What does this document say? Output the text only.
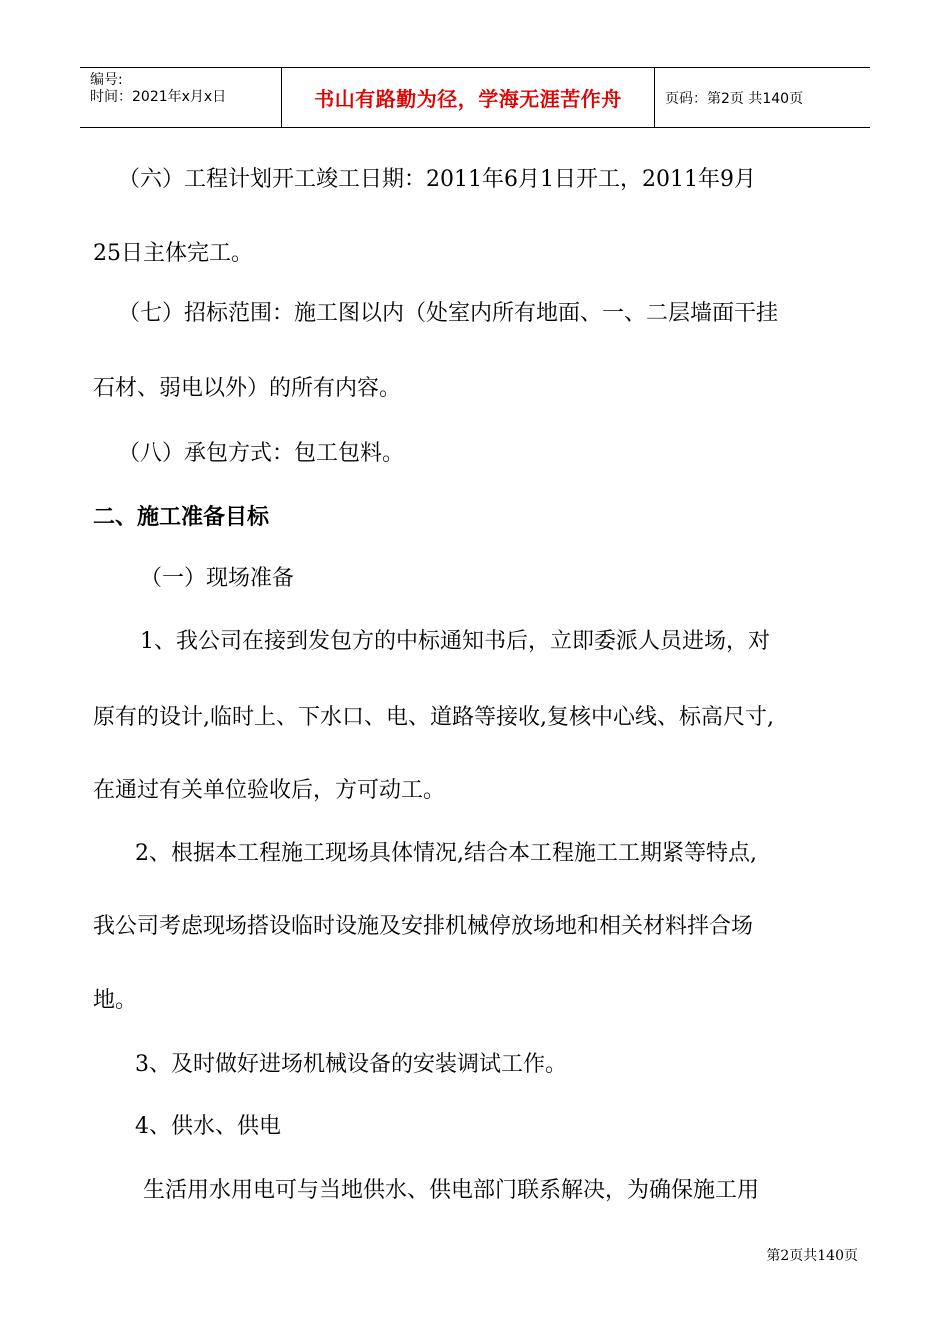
编号:
时间：2021年x月x日	书山有路勤为径，学海无涯苦作舟	页码：第2页 共140页
（六）工程计划开工竣工日期：2011年6月1日开工，2011年9月
25日主体完工。
（七）招标范围：施工图以内（处室内所有地面、一、二层墙面干挂
石材、弱电以外）的所有内容。
（八）承包方式：包工包料。
二、施工准备目标
（一）现场准备
1、我公司在接到发包方的中标通知书后，立即委派人员进场，对
原有的设计,临时上、下水口、电、道路等接收,复核中心线、标高尺寸,
在通过有关单位验收后，方可动工。
2、根据本工程施工现场具体情况,结合本工程施工工期紧等特点,
我公司考虑现场搭设临时设施及安排机械停放场地和相关材料拌合场
地。
3、及时做好进场机械设备的安装调试工作。
4、供水、供电
生活用水用电可与当地供水、供电部门联系解决，为确保施工用
第2页共140页
